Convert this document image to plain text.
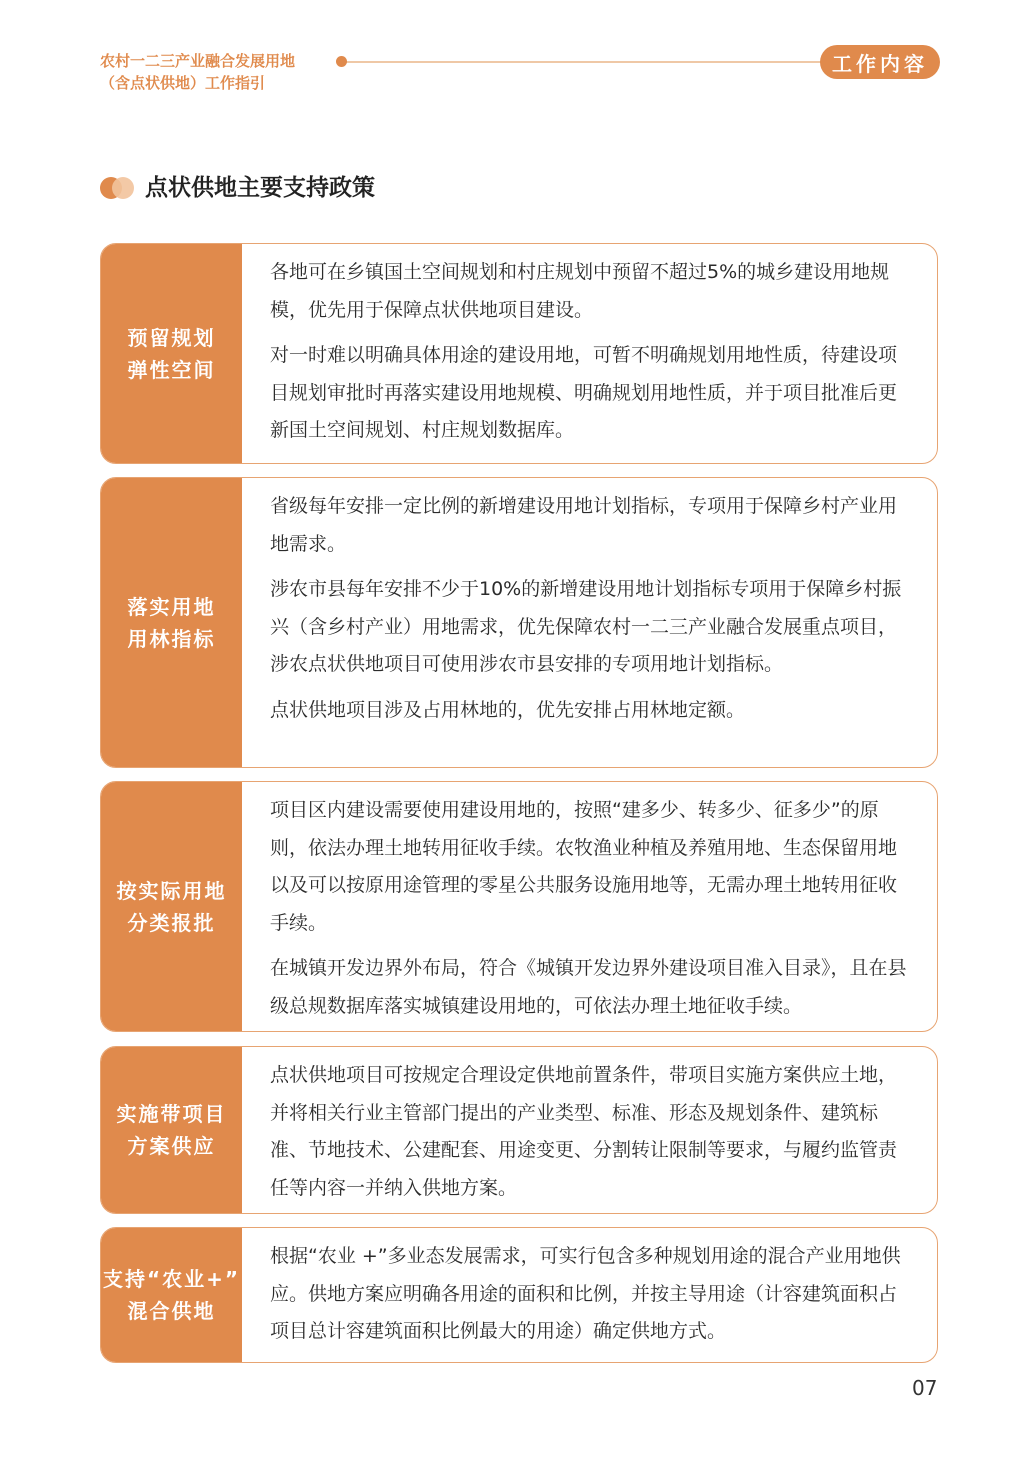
农村一二三产业融合发展用地
（含点状供地）工作指引
工作内容
点状供地主要支持政策
预留规划
弹性空间

各地可在乡镇国土空间规划和村庄规划中预留不超过5%的城乡建设用地规模，优先用于保障点状供地项目建设。

对一时难以明确具体用途的建设用地，可暂不明确规划用地性质，待建设项目规划审批时再落实建设用地规模、明确规划用地性质，并于项目批准后更新国土空间规划、村庄规划数据库。

落实用地
用林指标

省级每年安排一定比例的新增建设用地计划指标，专项用于保障乡村产业用地需求。

涉农市县每年安排不少于10%的新增建设用地计划指标专项用于保障乡村振兴（含乡村产业）用地需求，优先保障农村一二三产业融合发展重点项目，涉农点状供地项目可使用涉农市县安排的专项用地计划指标。

点状供地项目涉及占用林地的，优先安排占用林地定额。

按实际用地
分类报批

项目区内建设需要使用建设用地的，按照“建多少、转多少、征多少”的原则，依法办理土地转用征收手续。农牧渔业种植及养殖用地、生态保留用地以及可以按原用途管理的零星公共服务设施用地等，无需办理土地转用征收手续。

在城镇开发边界外布局，符合《城镇开发边界外建设项目准入目录》，且在县级总规数据库落实城镇建设用地的，可依法办理土地征收手续。

实施带项目
方案供应

点状供地项目可按规定合理设定供地前置条件，带项目实施方案供应土地，并将相关行业主管部门提出的产业类型、标准、形态及规划条件、建筑标准、节地技术、公建配套、用途变更、分割转让限制等要求，与履约监管责任等内容一并纳入供地方案。

支持“农业+”
混合供地

根据“农业 +”多业态发展需求，可实行包含多种规划用途的混合产业用地供应。供地方案应明确各用途的面积和比例，并按主导用途（计容建筑面积占项目总计容建筑面积比例最大的用途）确定供地方式。

07
